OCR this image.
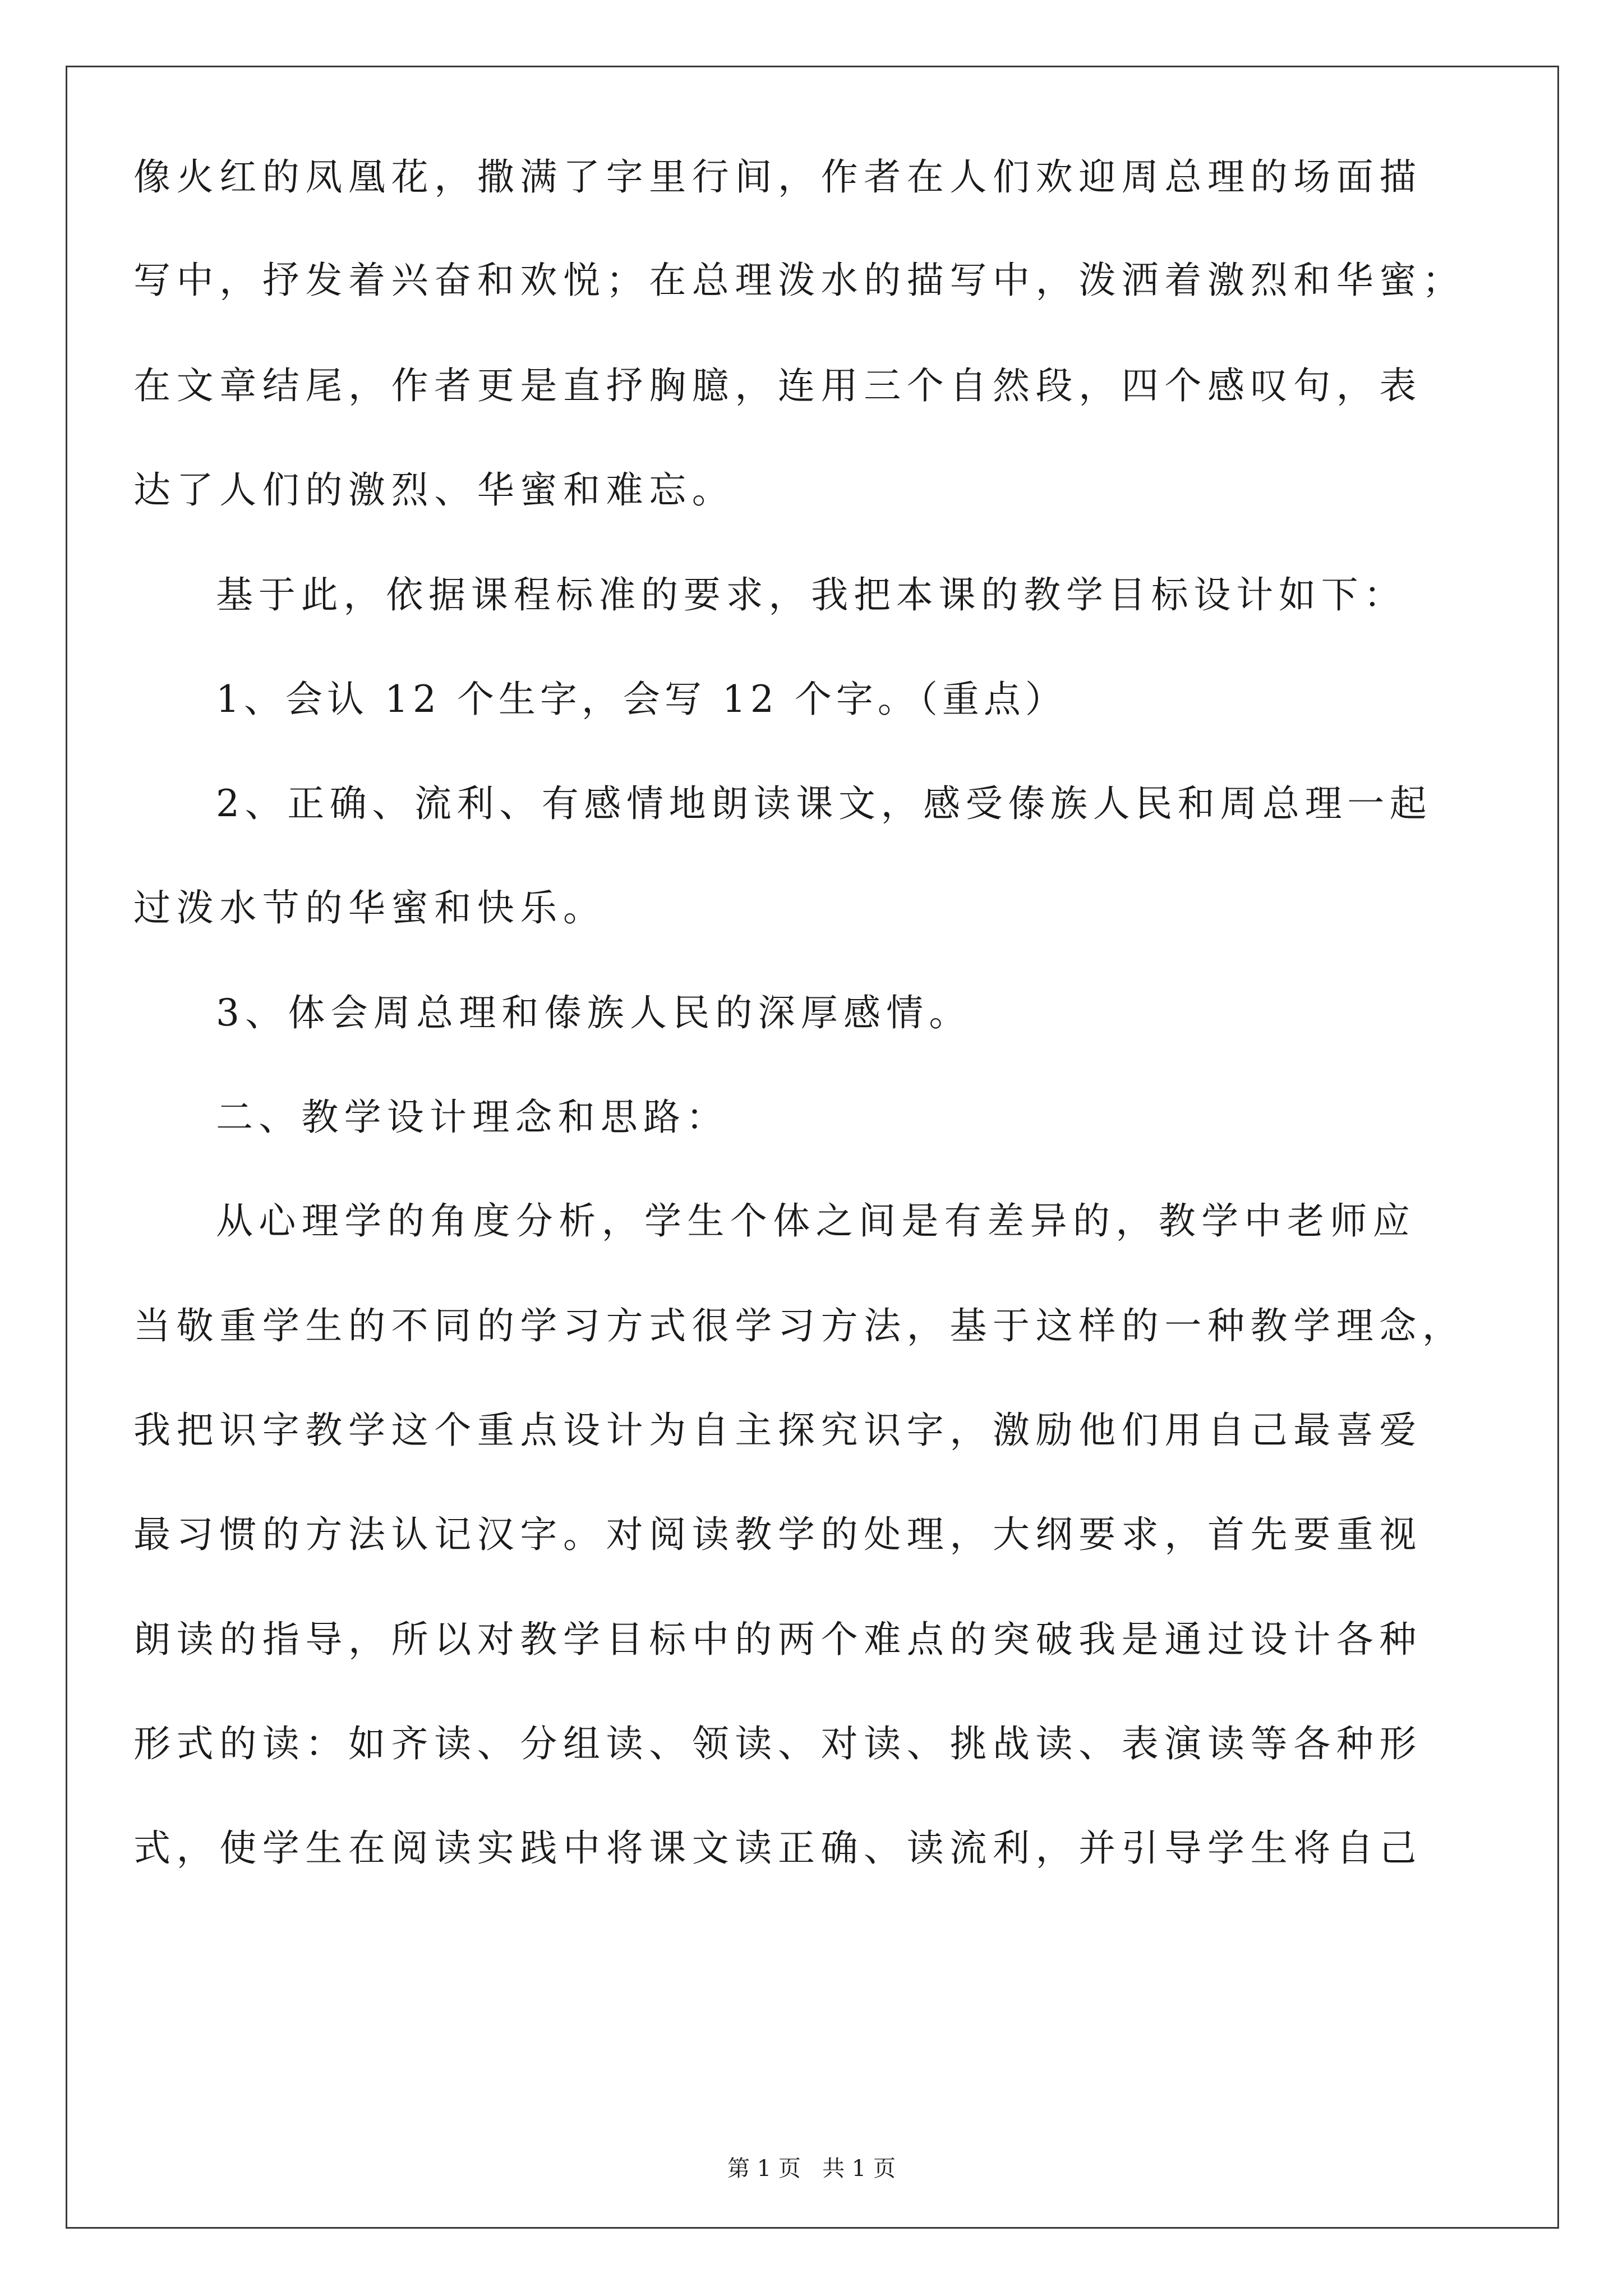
像火红的凤凰花，撒满了字里行间，作者在人们欢迎周总理的场面描

写中，抒发着兴奋和欢悦；在总理泼水的描写中，泼洒着激烈和华蜜；

在文章结尾，作者更是直抒胸臆，连用三个自然段，四个感叹句，表

达了人们的激烈、华蜜和难忘。

基于此，依据课程标准的要求，我把本课的教学目标设计如下：

1、会认 12 个生字，会写 12 个字。（重点）

2、正确、流利、有感情地朗读课文，感受傣族人民和周总理一起

过泼水节的华蜜和快乐。

3、体会周总理和傣族人民的深厚感情。

二、教学设计理念和思路：

从心理学的角度分析，学生个体之间是有差异的，教学中老师应

当敬重学生的不同的学习方式很学习方法，基于这样的一种教学理念，

我把识字教学这个重点设计为自主探究识字，激励他们用自己最喜爱

最习惯的方法认记汉字。对阅读教学的处理，大纲要求，首先要重视

朗读的指导，所以对教学目标中的两个难点的突破我是通过设计各种

形式的读：如齐读、分组读、领读、对读、挑战读、表演读等各种形

式，使学生在阅读实践中将课文读正确、读流利，并引导学生将自己

第 1 页   共 1 页
